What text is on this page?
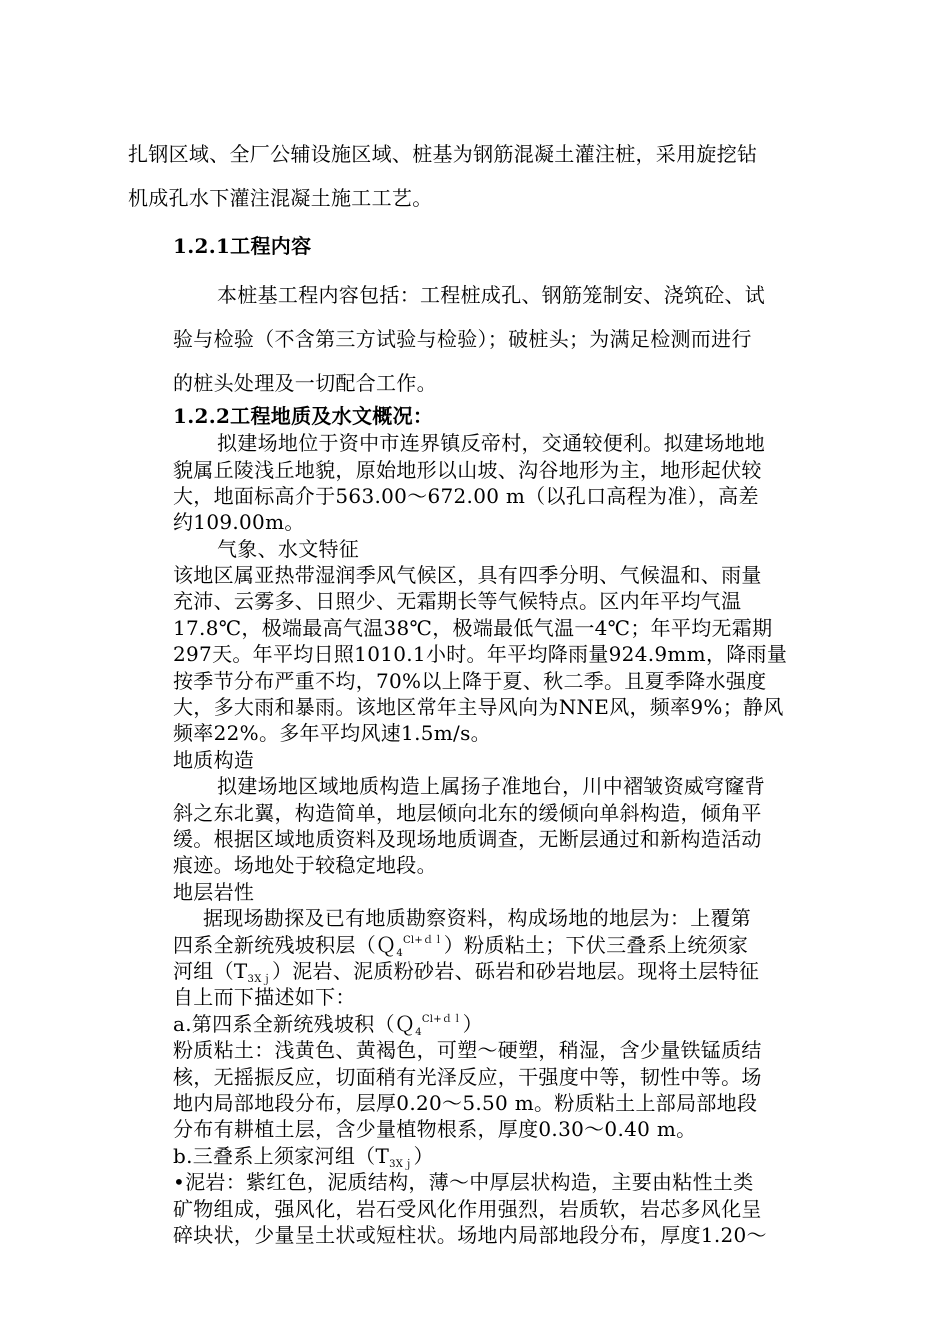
扎钢区域、全厂公辅设施区域、桩基为钢筋混凝土灌注桩，采用旋挖钻
机成孔水下灌注混凝土施工工艺。
1.2.1工程内容
本桩基工程内容包括：工程桩成孔、钢筋笼制安、浇筑砼、试
验与检验（不含第三方试验与检验）；破桩头；为满足检测而进行
的桩头处理及一切配合工作。
1.2.2工程地质及水文概况：
拟建场地位于资中市连界镇反帝村，交通较便利。拟建场地地
貌属丘陵浅丘地貌，原始地形以山坡、沟谷地形为主，地形起伏较
大，地面标高介于563.00～672.00 m（以孔口高程为准），高差
约109.00m。
气象、水文特征
该地区属亚热带湿润季风气候区，具有四季分明、气候温和、雨量
充沛、云雾多、日照少、无霜期长等气候特点。区内年平均气温
17.8℃，极端最高气温38℃，极端最低气温一4℃；年平均无霜期
297天。年平均日照1010.1小时。年平均降雨量924.9mm，降雨量
按季节分布严重不均，70%以上降于夏、秋二季。且夏季降水强度
大，多大雨和暴雨。该地区常年主导风向为NNE风，频率9%；静风
频率22%。多年平均风速1.5m/s。
地质构造
拟建场地区域地质构造上属扬子准地台，川中褶皱资威穹窿背
斜之东北翼，构造简单，地层倾向北东的缓倾向单斜构造，倾角平
缓。根据区域地质资料及现场地质调查，无断层通过和新构造活动
痕迹。场地处于较稳定地段。
地层岩性
据现场勘探及已有地质勘察资料，构成场地的地层为：上覆第
四系全新统残坡积层（Ｑ$_4^{Cl+dl}$）粉质粘土；下伏三叠系上统须家
河组$(T_{3Xj})$泥岩、泥质粉砂岩、砾岩和砂岩地层。现将土层特征
自上而下描述如下：
a.第四系全新统残坡积（Ｑ$_4^{Cl+dl}$）
粉质粘土：浅黄色、黄褐色，可塑～硬塑，稍湿，含少量铁锰质结
核，无摇振反应，切面稍有光泽反应，干强度中等，韧性中等。场
地内局部地段分布，层厚0.20～5.50 m。粉质粘土上部局部地段
分布有耕植土层，含少量植物根系，厚度0.30～0.40 m。
b.三叠系上须家河组$(T_{3Xj})$
•泥岩：紫红色，泥质结构，薄～中厚层状构造，主要由粘性土类
矿物组成，强风化，岩石受风化作用强烈，岩质软，岩芯多风化呈
碎块状，少量呈土状或短柱状。场地内局部地段分布，厚度1.20～
